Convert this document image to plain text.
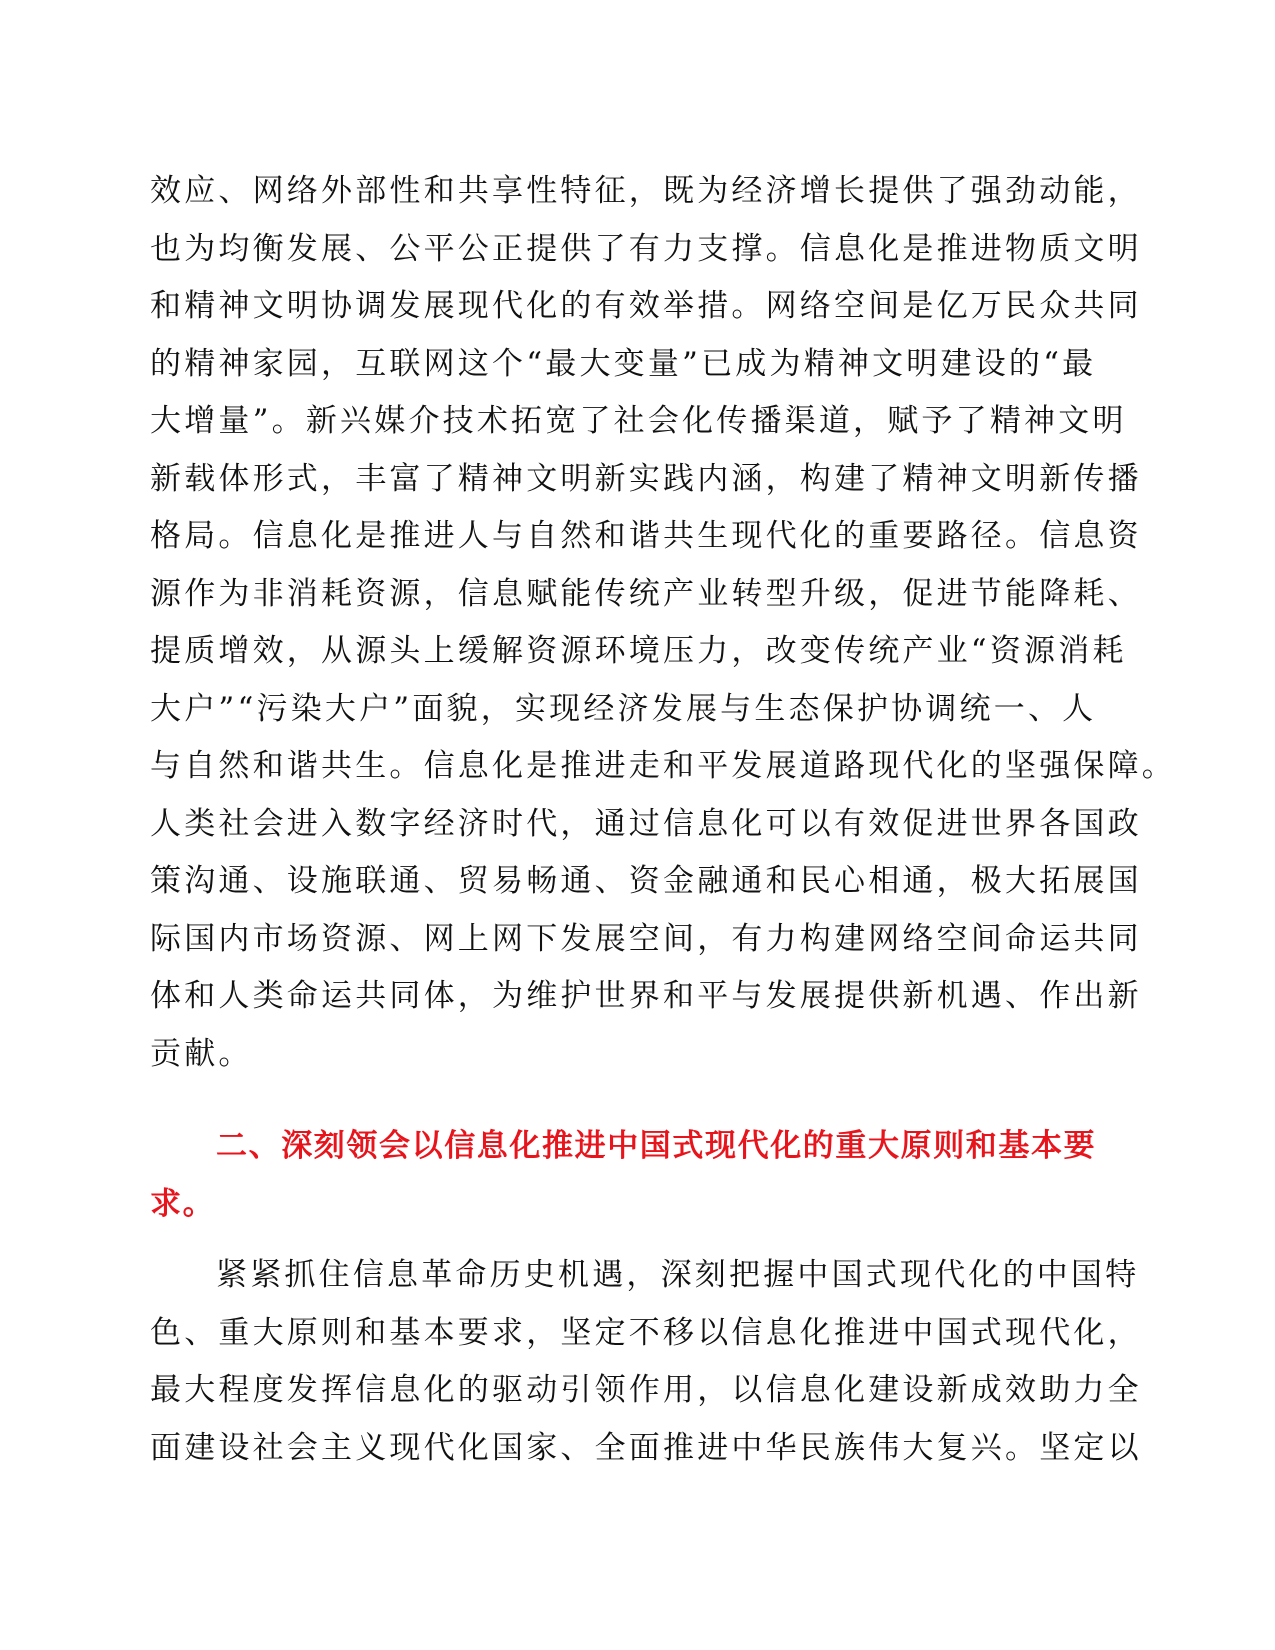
效应、网络外部性和共享性特征，既为经济增长提供了强劲动能，
也为均衡发展、公平公正提供了有力支撑。信息化是推进物质文明
和精神文明协调发展现代化的有效举措。网络空间是亿万民众共同
的精神家园，互联网这个“最大变量”已成为精神文明建设的“最
大增量”。新兴媒介技术拓宽了社会化传播渠道，赋予了精神文明
新载体形式，丰富了精神文明新实践内涵，构建了精神文明新传播
格局。信息化是推进人与自然和谐共生现代化的重要路径。信息资
源作为非消耗资源，信息赋能传统产业转型升级，促进节能降耗、
提质增效，从源头上缓解资源环境压力，改变传统产业“资源消耗
大户”“污染大户”面貌，实现经济发展与生态保护协调统一、人
与自然和谐共生。信息化是推进走和平发展道路现代化的坚强保障。
人类社会进入数字经济时代，通过信息化可以有效促进世界各国政
策沟通、设施联通、贸易畅通、资金融通和民心相通，极大拓展国
际国内市场资源、网上网下发展空间，有力构建网络空间命运共同
体和人类命运共同体，为维护世界和平与发展提供新机遇、作出新
贡献。
二、深刻领会以信息化推进中国式现代化的重大原则和基本要
求。
紧紧抓住信息革命历史机遇，深刻把握中国式现代化的中国特
色、重大原则和基本要求，坚定不移以信息化推进中国式现代化，
最大程度发挥信息化的驱动引领作用，以信息化建设新成效助力全
面建设社会主义现代化国家、全面推进中华民族伟大复兴。坚定以
